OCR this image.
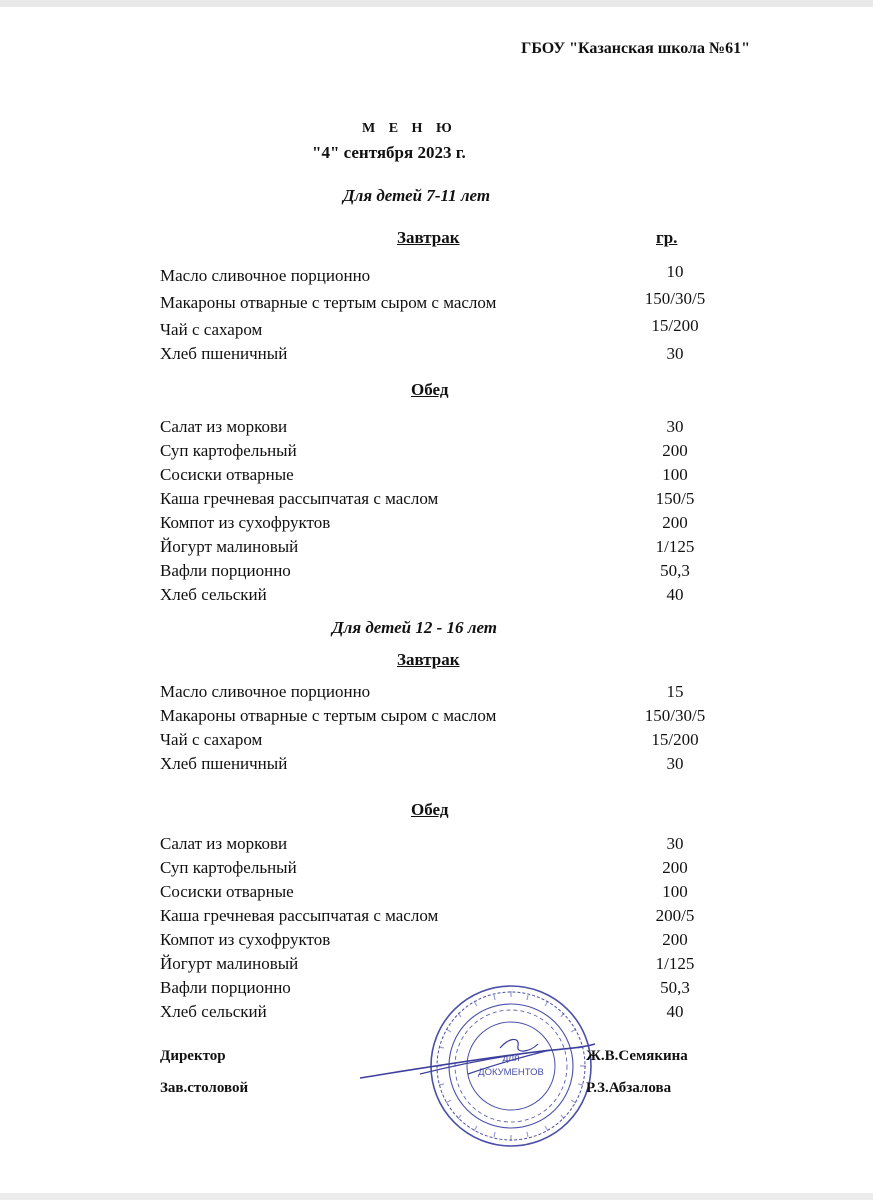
ГБОУ "Казанская школа №61"
М Е Н Ю
"4" сентября 2023 г.
Для детей 7-11 лет
Завтрак	гр.
Масло сливочное порционно	10
Макароны отварные с тертым сыром с маслом	150/30/5
Чай с сахаром	15/200
Хлеб пшеничный	30
Обед
Салат из моркови	30
Суп картофельный	200
Сосиски отварные	100
Каша гречневая рассыпчатая с маслом	150/5
Компот из сухофруктов	200
Йогурт малиновый	1/125
Вафли порционно	50,3
Хлеб сельский	40
Для детей 12 - 16 лет
Завтрак
Масло сливочное порционно	15
Макароны отварные с тертым сыром с маслом	150/30/5
Чай с сахаром	15/200
Хлеб пшеничный	30
Обед
Салат из моркови	30
Суп картофельный	200
Сосиски отварные	100
Каша гречневая рассыпчатая с маслом	200/5
Компот из сухофруктов	200
Йогурт малиновый	1/125
Вафли порционно	50,3
Хлеб сельский	40
для
ДОКУМЕНТОВ
Директор	Ж.В.Семякина
Зав.столовой	Р.З.Абзалова
